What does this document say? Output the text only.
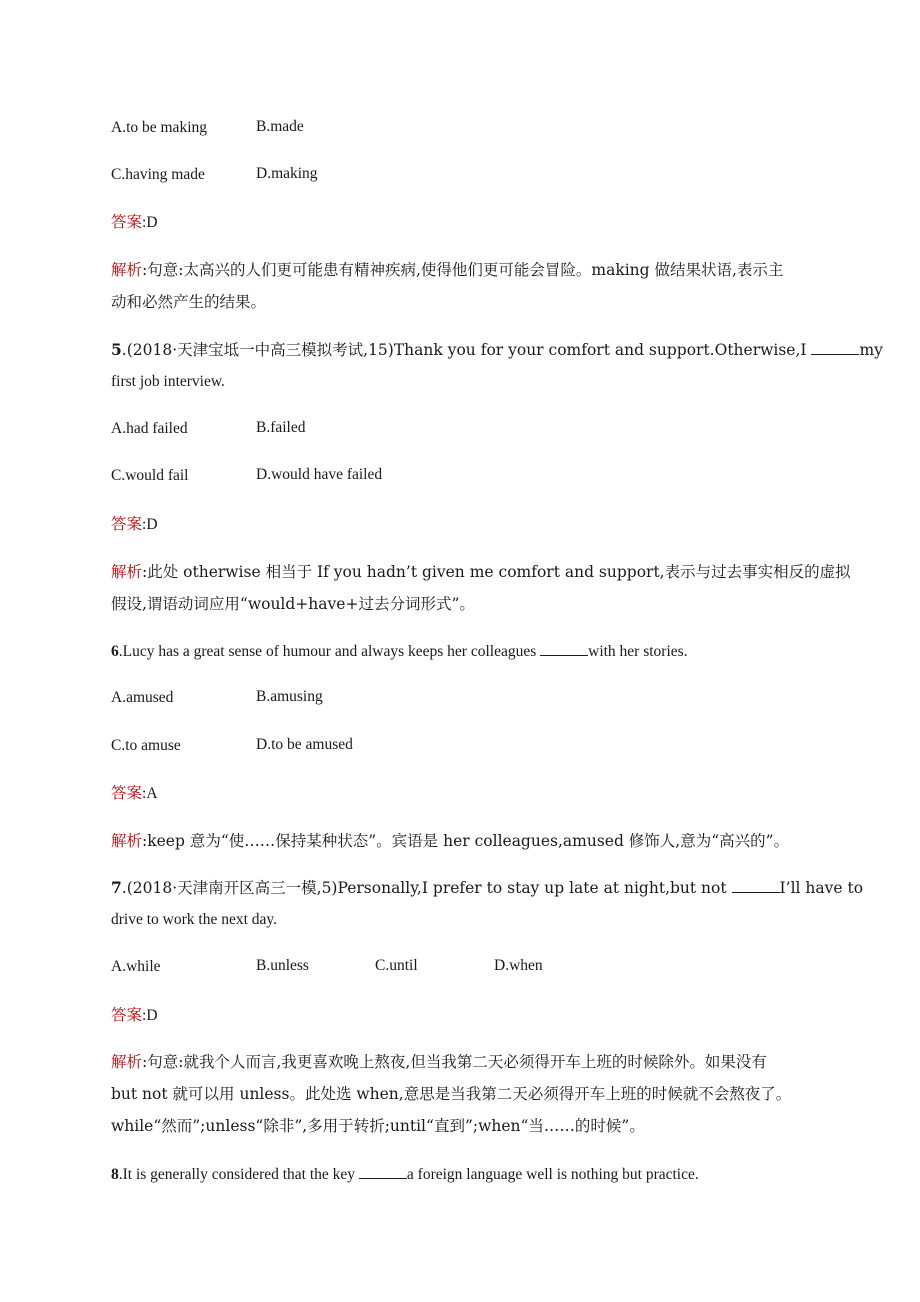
A.to be making	B.made
C.having made	D.making
答案:D
解析:句意:太高兴的人们更可能患有精神疾病,使得他们更可能会冒险。making 做结果状语,表示主
动和必然产生的结果。
5.(2018·天津宝坻一中高三模拟考试,15)Thank you for your comfort and support.Otherwise,I	my
first job interview.
A.had failed	B.failed
C.would fail	D.would have failed
答案:D
解析:此处 otherwise 相当于 If you hadn’t given me comfort and support,表示与过去事实相反的虚拟
假设,谓语动词应用“would+have+过去分词形式”。
6.Lucy has a great sense of humour and always keeps her colleagues	with her stories.
A.amused	B.amusing
C.to amuse	D.to be amused
答案:A
解析:keep 意为“使……保持某种状态”。宾语是 her colleagues,amused 修饰人,意为“高兴的”。
7.(2018·天津南开区高三一模,5)Personally,I prefer to stay up late at night,but not	I’ll have to
drive to work the next day.
A.while	B.unless	C.until	D.when
答案:D
解析:句意:就我个人而言,我更喜欢晚上熬夜,但当我第二天必须得开车上班的时候除外。如果没有
but not 就可以用 unless。此处选 when,意思是当我第二天必须得开车上班的时候就不会熬夜了。
while“然而”;unless“除非”,多用于转折;until“直到”;when“当……的时候”。
8.It is generally considered that the key	a foreign language well is nothing but practice.
